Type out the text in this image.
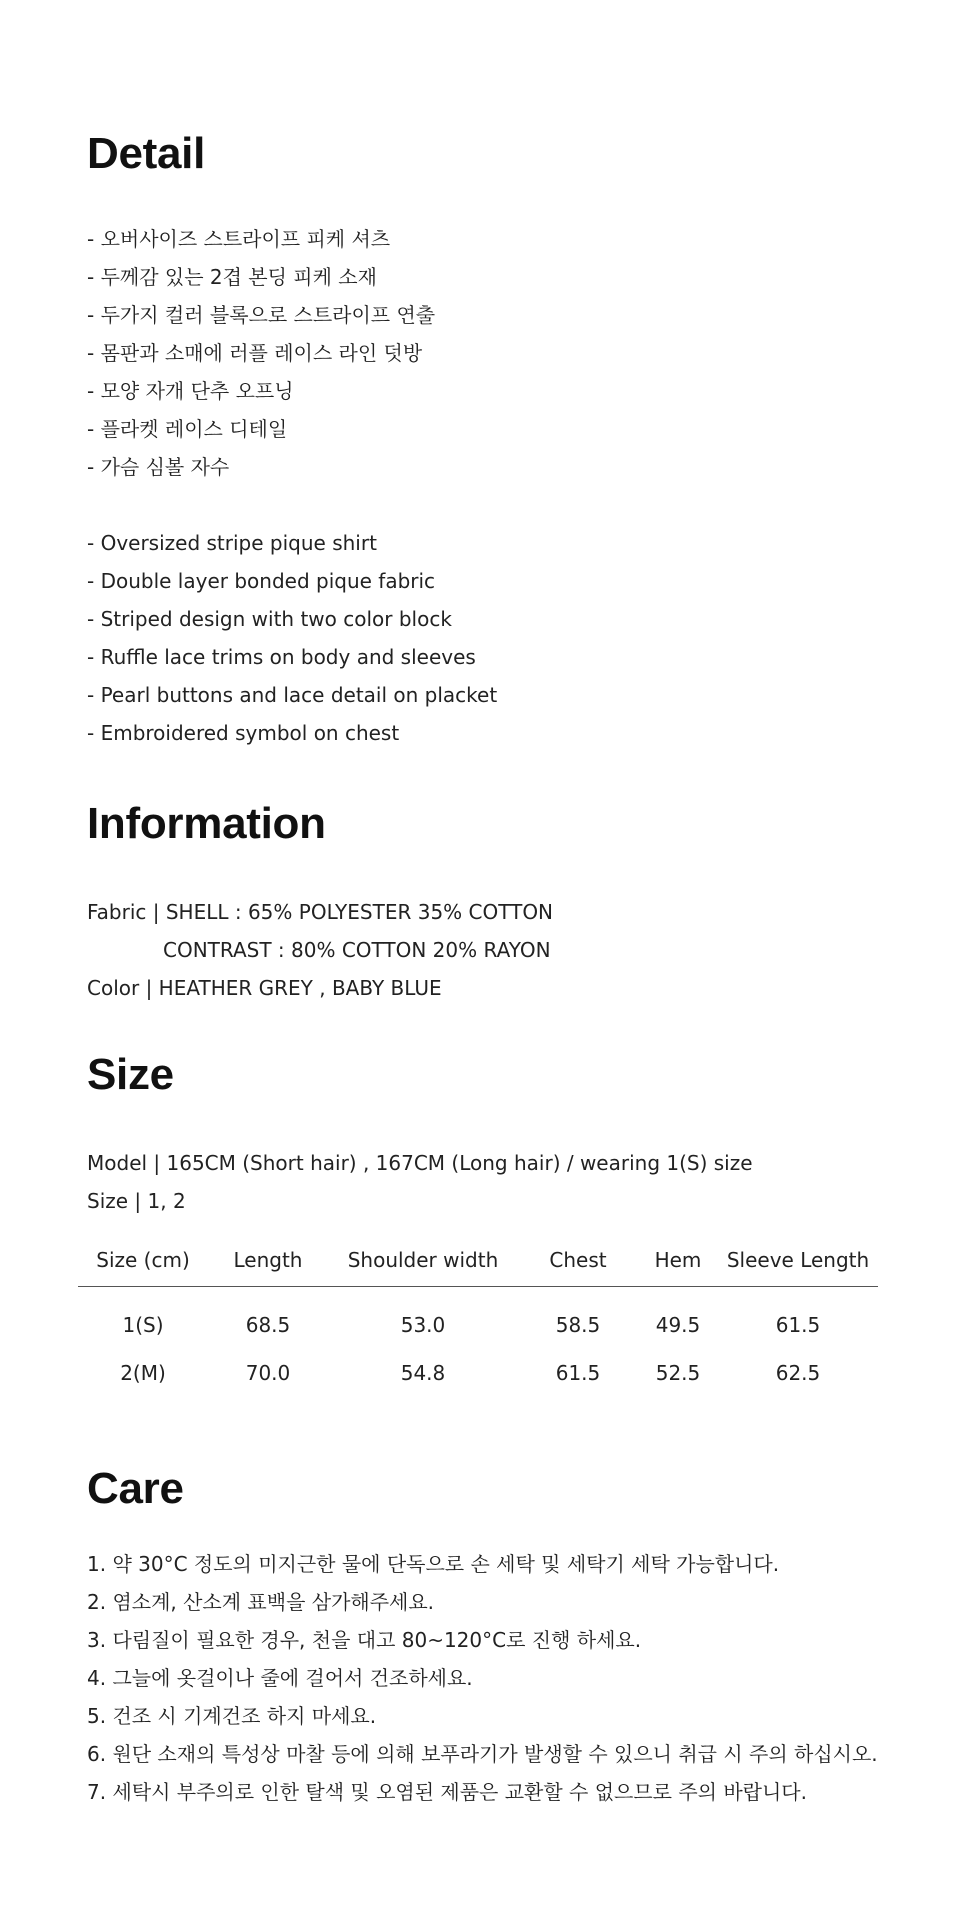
Detail
- 오버사이즈 스트라이프 피케 셔츠
- 두께감 있는 2겹 본딩 피케 소재
- 두가지 컬러 블록으로 스트라이프 연출
- 몸판과 소매에 러플 레이스 라인 덧방
- 모양 자개 단추 오프닝
- 플라켓 레이스 디테일
- 가슴 심볼 자수
- Oversized stripe pique shirt
- Double layer bonded pique fabric
- Striped design with two color block
- Ruffle lace trims on body and sleeves
- Pearl buttons and lace detail on placket
- Embroidered symbol on chest
Information
Fabric | SHELL : 65% POLYESTER 35% COTTON
CONTRAST : 80% COTTON 20% RAYON
Color | HEATHER GREY , BABY BLUE
Size
Model | 165CM (Short hair) , 167CM (Long hair) / wearing 1(S) size
Size | 1, 2
Size (cm)	Length	Shoulder width	Chest	Hem	Sleeve Length
1(S)	68.5	53.0	58.5	49.5	61.5
2(M)	70.0	54.8	61.5	52.5	62.5
Care
1. 약 30°C 정도의 미지근한 물에 단독으로 손 세탁 및 세탁기 세탁 가능합니다.
2. 염소계, 산소계 표백을 삼가해주세요.
3. 다림질이 필요한 경우, 천을 대고 80~120°C로 진행 하세요.
4. 그늘에 옷걸이나 줄에 걸어서 건조하세요.
5. 건조 시 기계건조 하지 마세요.
6. 원단 소재의 특성상 마찰 등에 의해 보푸라기가 발생할 수 있으니 취급 시 주의 하십시오.
7. 세탁시 부주의로 인한 탈색 및 오염된 제품은 교환할 수 없으므로 주의 바랍니다.
